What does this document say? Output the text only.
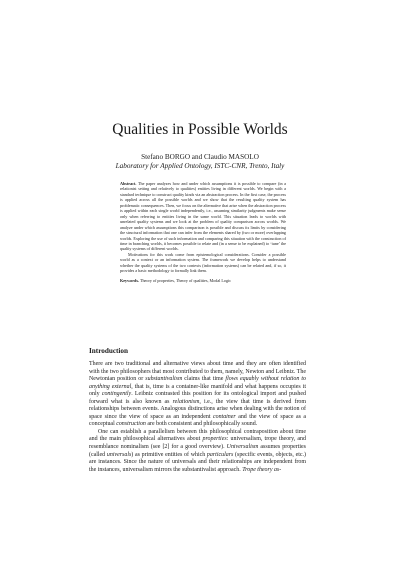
Qualities in Possible Worlds
Stefano BORGO and Claudio MASOLO
Laboratory for Applied Ontology, ISTC-CNR, Trento, Italy

Abstract. The paper analyzes how and under which assumptions it is possible to compare (in a relationist setting and relatively to qualities) entities living in different worlds. We begin with a standard technique to construct quality kinds via an abstraction process. In the first case, the process is applied across all the possible worlds and we show that the resulting quality system has problematic consequences. Then, we focus on the alternative that arise when the abstraction process is applied within each single world independently, i.e., assuming similarity judgments make sense only when referring to entities living in the same world. This situation leads to worlds with unrelated quality systems and we look at the problem of quality comparison across worlds. We analyze under which assumptions this comparison is possible and discuss its limits by considering the structural information that one can infer from the elements shared by (two or more) overlapping worlds. Exploring the use of such information and comparing this situation with the construction of time in branching worlds, it becomes possible to relate and (in a sense to be explained) to ‘tune’ the quality systems of different worlds.

Motivations for this work come from epistemological considerations. Consider a possible world as a context or an information system. The framework we develop helps to understand whether the quality systems of the two contexts (information systems) can be related and, if so, it provides a basic methodology to formally link them.

Keywords. Theory of properties, Theory of qualities, Modal Logic

Introduction

There are two traditional and alternative views about time and they are often identified with the two philosophers that most contributed to them, namely, Newton and Leibniz. The Newtonian position or substantivalism claims that time flows equably without relation to anything external, that is, time is a container-like manifold and what happens occupies it only contingently. Leibniz contrasted this position for its ontological import and pushed forward what is also known as relationism, i.e., the view that time is derived from relationships between events. Analogous distinctions arise when dealing with the notion of space since the view of space as an independent container and the view of space as a conceptual construction are both consistent and philosophically sound.

One can establish a parallelism between this philosophical contraposition about time and the main philosophical alternatives about properties: universalism, trope theory, and resemblance nominalism (see [2] for a good overview). Universalism assumes properties (called universals) as primitive entities of which particulars (specific events, objects, etc.) are instances. Since the nature of universals and their relationships are independent from the instances, universalism mirrors the substantivalist approach. Trope theory as-
